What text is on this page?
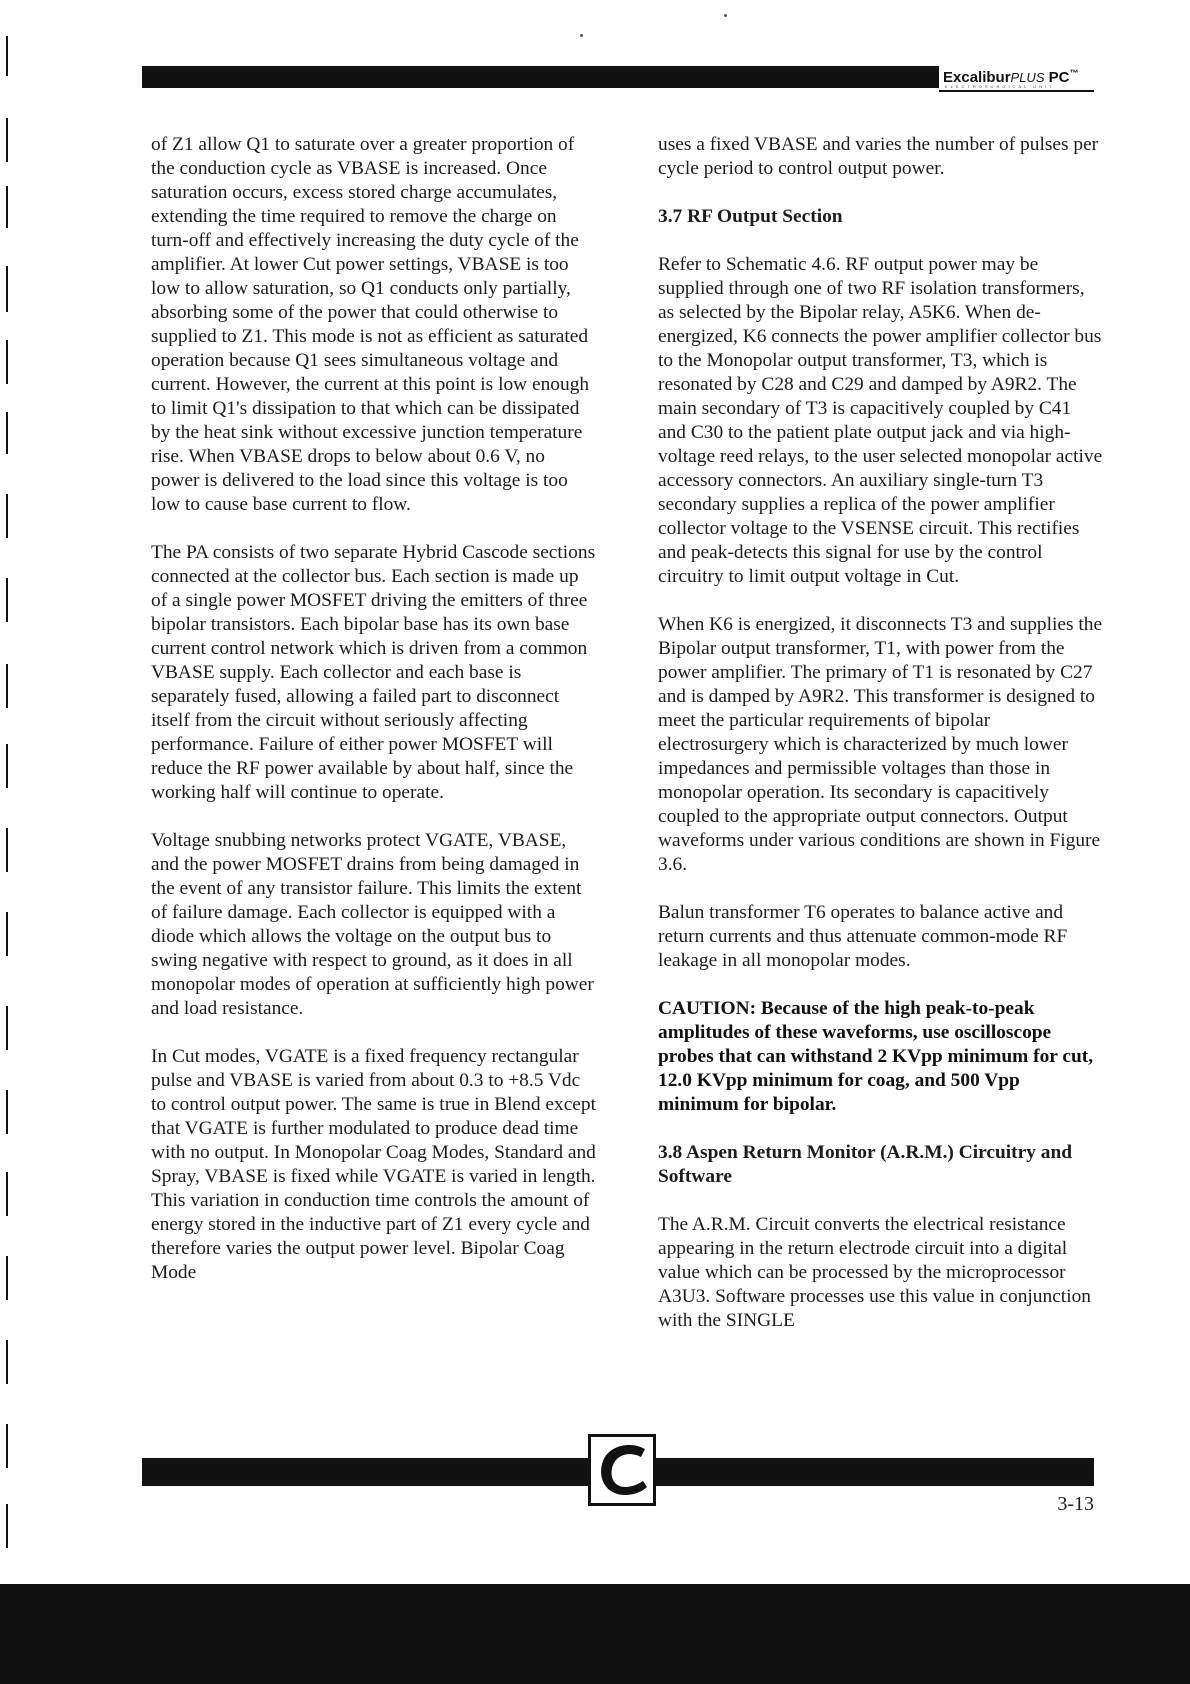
ExcaliburPLUS PC™
ELECTROSURGICAL UNIT

of Z1 allow Q1 to saturate over a greater proportion of the conduction cycle as VBASE is increased. Once saturation occurs, excess stored charge accumulates, extending the time required to remove the charge on turn-off and effectively increasing the duty cycle of the amplifier. At lower Cut power settings, VBASE is too low to allow saturation, so Q1 conducts only partially, absorbing some of the power that could otherwise to supplied to Z1. This mode is not as efficient as saturated operation because Q1 sees simultaneous voltage and current. However, the current at this point is low enough to limit Q1's dissipation to that which can be dissipated by the heat sink without excessive junction temperature rise. When VBASE drops to below about 0.6 V, no power is delivered to the load since this voltage is too low to cause base current to flow.

The PA consists of two separate Hybrid Cascode sections connected at the collector bus. Each section is made up of a single power MOSFET driving the emitters of three bipolar transistors. Each bipolar base has its own base current control network which is driven from a common VBASE supply. Each collector and each base is separately fused, allowing a failed part to disconnect itself from the circuit without seriously affecting performance. Failure of either power MOSFET will reduce the RF power available by about half, since the working half will continue to operate.

Voltage snubbing networks protect VGATE, VBASE, and the power MOSFET drains from being damaged in the event of any transistor failure. This limits the extent of failure damage. Each collector is equipped with a diode which allows the voltage on the output bus to swing negative with respect to ground, as it does in all monopolar modes of operation at sufficiently high power and load resistance.

In Cut modes, VGATE is a fixed frequency rectangular pulse and VBASE is varied from about 0.3 to +8.5 Vdc to control output power. The same is true in Blend except that VGATE is further modulated to produce dead time with no output. In Monopolar Coag Modes, Standard and Spray, VBASE is fixed while VGATE is varied in length. This variation in conduction time controls the amount of energy stored in the inductive part of Z1 every cycle and therefore varies the output power level. Bipolar Coag Mode

uses a fixed VBASE and varies the number of pulses per cycle period to control output power.

3.7 RF Output Section

Refer to Schematic 4.6. RF output power may be supplied through one of two RF isolation transformers, as selected by the Bipolar relay, A5K6. When de-energized, K6 connects the power amplifier collector bus to the Monopolar output transformer, T3, which is resonated by C28 and C29 and damped by A9R2. The main secondary of T3 is capacitively coupled by C41 and C30 to the patient plate output jack and via high-voltage reed relays, to the user selected monopolar active accessory connectors. An auxiliary single-turn T3 secondary supplies a replica of the power amplifier collector voltage to the VSENSE circuit. This rectifies and peak-detects this signal for use by the control circuitry to limit output voltage in Cut.

When K6 is energized, it disconnects T3 and supplies the Bipolar output transformer, T1, with power from the power amplifier. The primary of T1 is resonated by C27 and is damped by A9R2. This transformer is designed to meet the particular requirements of bipolar electrosurgery which is characterized by much lower impedances and permissible voltages than those in monopolar operation. Its secondary is capacitively coupled to the appropriate output connectors. Output waveforms under various conditions are shown in Figure 3.6.

Balun transformer T6 operates to balance active and return currents and thus attenuate common-mode RF leakage in all monopolar modes.

CAUTION: Because of the high peak-to-peak amplitudes of these waveforms, use oscilloscope probes that can withstand 2 KVpp minimum for cut, 12.0 KVpp minimum for coag, and 500 Vpp minimum for bipolar.

3.8 Aspen Return Monitor (A.R.M.) Circuitry and Software

The A.R.M. Circuit converts the electrical resistance appearing in the return electrode circuit into a digital value which can be processed by the microprocessor A3U3. Software processes use this value in conjunction with the SINGLE

3-13
